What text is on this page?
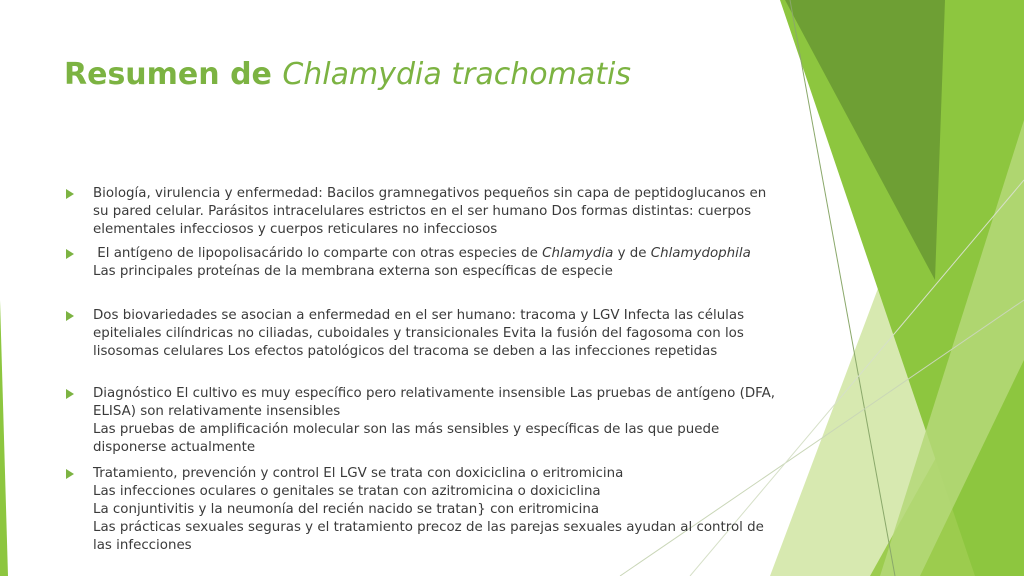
Resumen de Chlamydia trachomatis
Biología, virulencia y enfermedad: Bacilos gramnegativos pequeños sin capa de peptidoglucanos en
su pared celular. Parásitos intracelulares estrictos en el ser humano Dos formas distintas: cuerpos
elementales infecciosos y cuerpos reticulares no infecciosos
El antígeno de lipopolisacárido lo comparte con otras especies de Chlamydia y de Chlamydophila
Las principales proteínas de la membrana externa son específicas de especie
Dos biovariedades se asocian a enfermedad en el ser humano: tracoma y LGV Infecta las células
epiteliales cilíndricas no ciliadas, cuboidales y transicionales Evita la fusión del fagosoma con los
lisosomas celulares Los efectos patológicos del tracoma se deben a las infecciones repetidas
Diagnóstico El cultivo es muy específico pero relativamente insensible Las pruebas de antígeno (DFA,
ELISA) son relativamente insensibles
Las pruebas de amplificación molecular son las más sensibles y específicas de las que puede
disponerse actualmente
Tratamiento, prevención y control El LGV se trata con doxiciclina o eritromicina
Las infecciones oculares o genitales se tratan con azitromicina o doxiciclina
La conjuntivitis y la neumonía del recién nacido se tratan} con eritromicina
Las prácticas sexuales seguras y el tratamiento precoz de las parejas sexuales ayudan al control de
las infecciones
